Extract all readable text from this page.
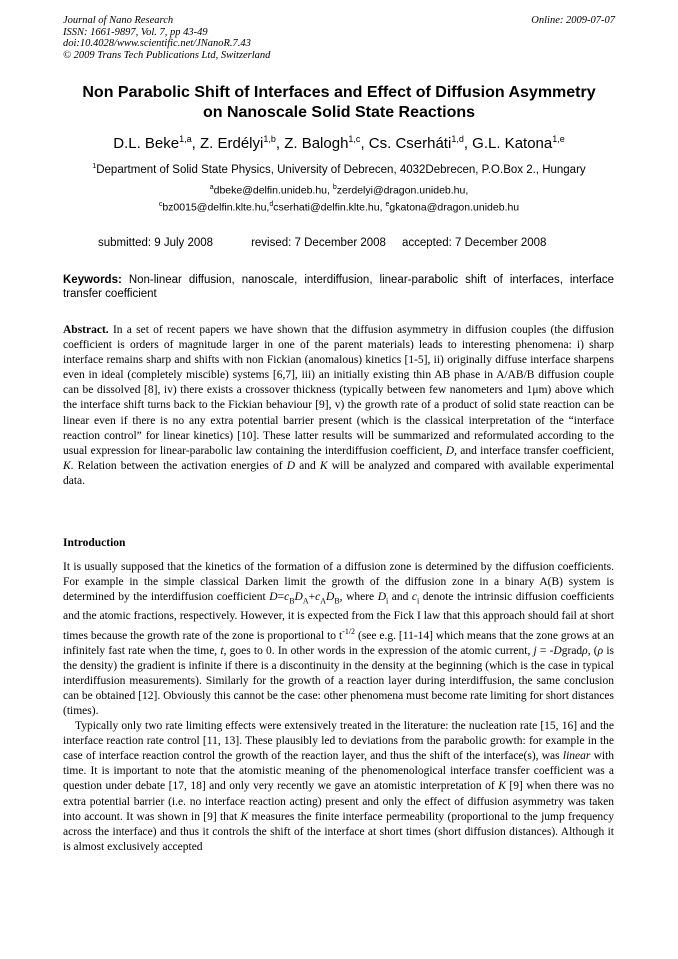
Journal of Nano Research
ISSN: 1661-9897, Vol. 7, pp 43-49
doi:10.4028/www.scientific.net/JNanoR.7.43
© 2009 Trans Tech Publications Ltd, Switzerland
Online: 2009-07-07
Non Parabolic Shift of Interfaces and Effect of Diffusion Asymmetry
on Nanoscale Solid State Reactions
D.L. Beke$^{1,a}$, Z. Erdélyi$^{1,b}$, Z. Balogh$^{1,c}$, Cs. Cserháti$^{1,d}$, G.L. Katona$^{1,e}$
$^1$Department of Solid State Physics, University of Debrecen, 4032Debrecen, P.O.Box 2., Hungary
$^a$dbeke@delfin.unideb.hu, $^b$zerdelyi@dragon.unideb.hu,
$^c$bz0015@delfin.klte.hu,$^d$cserhati@delfin.klte.hu, $^e$gkatona@dragon.unideb.hu
submitted: 9 July 2008	revised: 7 December 2008 accepted: 7 December 2008
Keywords: Non-linear diffusion, nanoscale, interdiffusion, linear-parabolic shift of interfaces, interface transfer coefficient
Abstract. In a set of recent papers we have shown that the diffusion asymmetry in diffusion couples (the diffusion coefficient is orders of magnitude larger in one of the parent materials) leads to interesting phenomena: i) sharp interface remains sharp and shifts with non Fickian (anomalous) kinetics [1-5], ii) originally diffuse interface sharpens even in ideal (completely miscible) systems [6,7], iii) an initially existing thin AB phase in A/AB/B diffusion couple can be dissolved [8], iv) there exists a crossover thickness (typically between few nanometers and 1μm) above which the interface shift turns back to the Fickian behaviour [9], v) the growth rate of a product of solid state reaction can be linear even if there is no any extra potential barrier present (which is the classical interpretation of the “interface reaction control” for linear kinetics) [10]. These latter results will be summarized and reformulated according to the usual expression for linear-parabolic law containing the interdiffusion coefficient, D, and interface transfer coefficient, K. Relation between the activation energies of D and K will be analyzed and compared with available experimental data.
Introduction

It is usually supposed that the kinetics of the formation of a diffusion zone is determined by the diffusion coefficients. For example in the simple classical Darken limit the growth of the diffusion zone in a binary A(B) system is determined by the interdiffusion coefficient $D=c_BD_A+c_AD_B$, where $D_i$ and $c_i$ denote the intrinsic diffusion coefficients and the atomic fractions, respectively. However, it is expected from the Fick I law that this approach should fail at short times because the growth rate of the zone is proportional to $t^{-1/2}$ (see e.g. [11-14] which means that the zone grows at an infinitely fast rate when the time, t, goes to 0. In other words in the expression of the atomic current, j = -Dgradρ, (ρ is the density) the gradient is infinite if there is a discontinuity in the density at the beginning (which is the case in typical interdiffusion measurements). Similarly for the growth of a reaction layer during interdiffusion, the same conclusion can be obtained [12]. Obviously this cannot be the case: other phenomena must become rate limiting for short distances (times).

Typically only two rate limiting effects were extensively treated in the literature: the nucleation rate [15, 16] and the interface reaction rate control [11, 13]. These plausibly led to deviations from the parabolic growth: for example in the case of interface reaction control the growth of the reaction layer, and thus the shift of the interface(s), was linear with time. It is important to note that the atomistic meaning of the phenomenological interface transfer coefficient was a question under debate [17, 18] and only very recently we gave an atomistic interpretation of K [9] when there was no extra potential barrier (i.e. no interface reaction acting) present and only the effect of diffusion asymmetry was taken into account. It was shown in [9] that K measures the finite interface permeability (proportional to the jump frequency across the interface) and thus it controls the shift of the interface at short times (short diffusion distances). Although it is almost exclusively accepted
